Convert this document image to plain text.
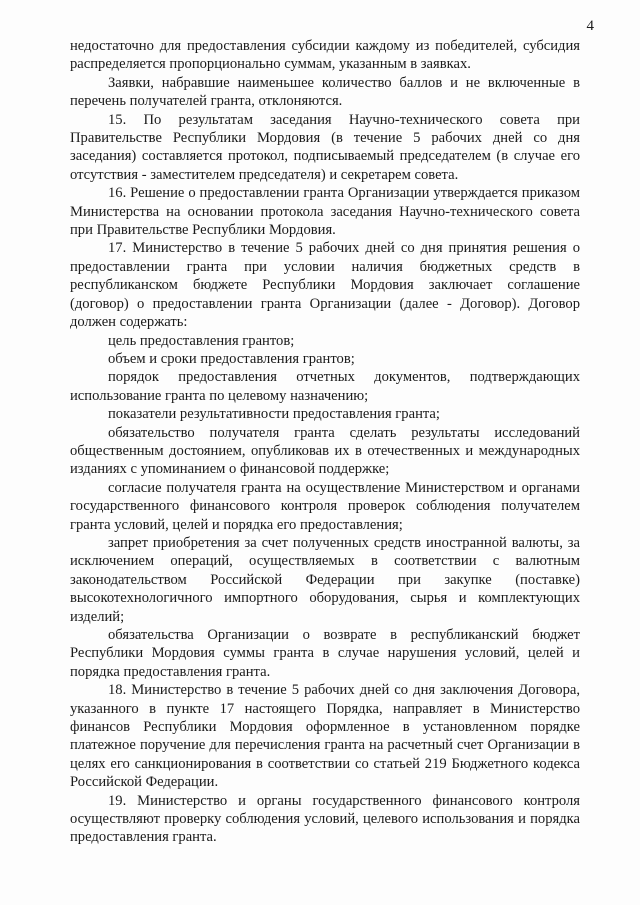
4

недостаточно для предоставления субсидии каждому из победителей, субсидия распределяется пропорционально суммам, указанным в заявках.

Заявки, набравшие наименьшее количество баллов и не включенные в перечень получателей гранта, отклоняются.

15. По результатам заседания Научно-технического совета при Правительстве Республики Мордовия (в течение 5 рабочих дней со дня заседания) составляется протокол, подписываемый председателем (в случае его отсутствия - заместителем председателя) и секретарем совета.

16. Решение о предоставлении гранта Организации утверждается приказом Министерства на основании протокола заседания Научно-технического совета при Правительстве Республики Мордовия.

17. Министерство в течение 5 рабочих дней со дня принятия решения о предоставлении гранта при условии наличия бюджетных средств в республиканском бюджете Республики Мордовия заключает соглашение (договор) о предоставлении гранта Организации (далее - Договор). Договор должен содержать:

цель предоставления грантов;

объем и сроки предоставления грантов;

порядок предоставления отчетных документов, подтверждающих использование гранта по целевому назначению;

показатели результативности предоставления гранта;

обязательство получателя гранта сделать результаты исследований общественным достоянием, опубликовав их в отечественных и международных изданиях с упоминанием о финансовой поддержке;

согласие получателя гранта на осуществление Министерством и органами государственного финансового контроля проверок соблюдения получателем гранта условий, целей и порядка его предоставления;

запрет приобретения за счет полученных средств иностранной валюты, за исключением операций, осуществляемых в соответствии с валютным законодательством Российской Федерации при закупке (поставке) высокотехнологичного импортного оборудования, сырья и комплектующих изделий;

обязательства Организации о возврате в республиканский бюджет Республики Мордовия суммы гранта в случае нарушения условий, целей и порядка предоставления гранта.

18. Министерство в течение 5 рабочих дней со дня заключения Договора, указанного в пункте 17 настоящего Порядка, направляет в Министерство финансов Республики Мордовия оформленное в установленном порядке платежное поручение для перечисления гранта на расчетный счет Организации в целях его санкционирования в соответствии со статьей 219 Бюджетного кодекса Российской Федерации.

19. Министерство и органы государственного финансового контроля осуществляют проверку соблюдения условий, целевого использования и порядка предоставления гранта.
